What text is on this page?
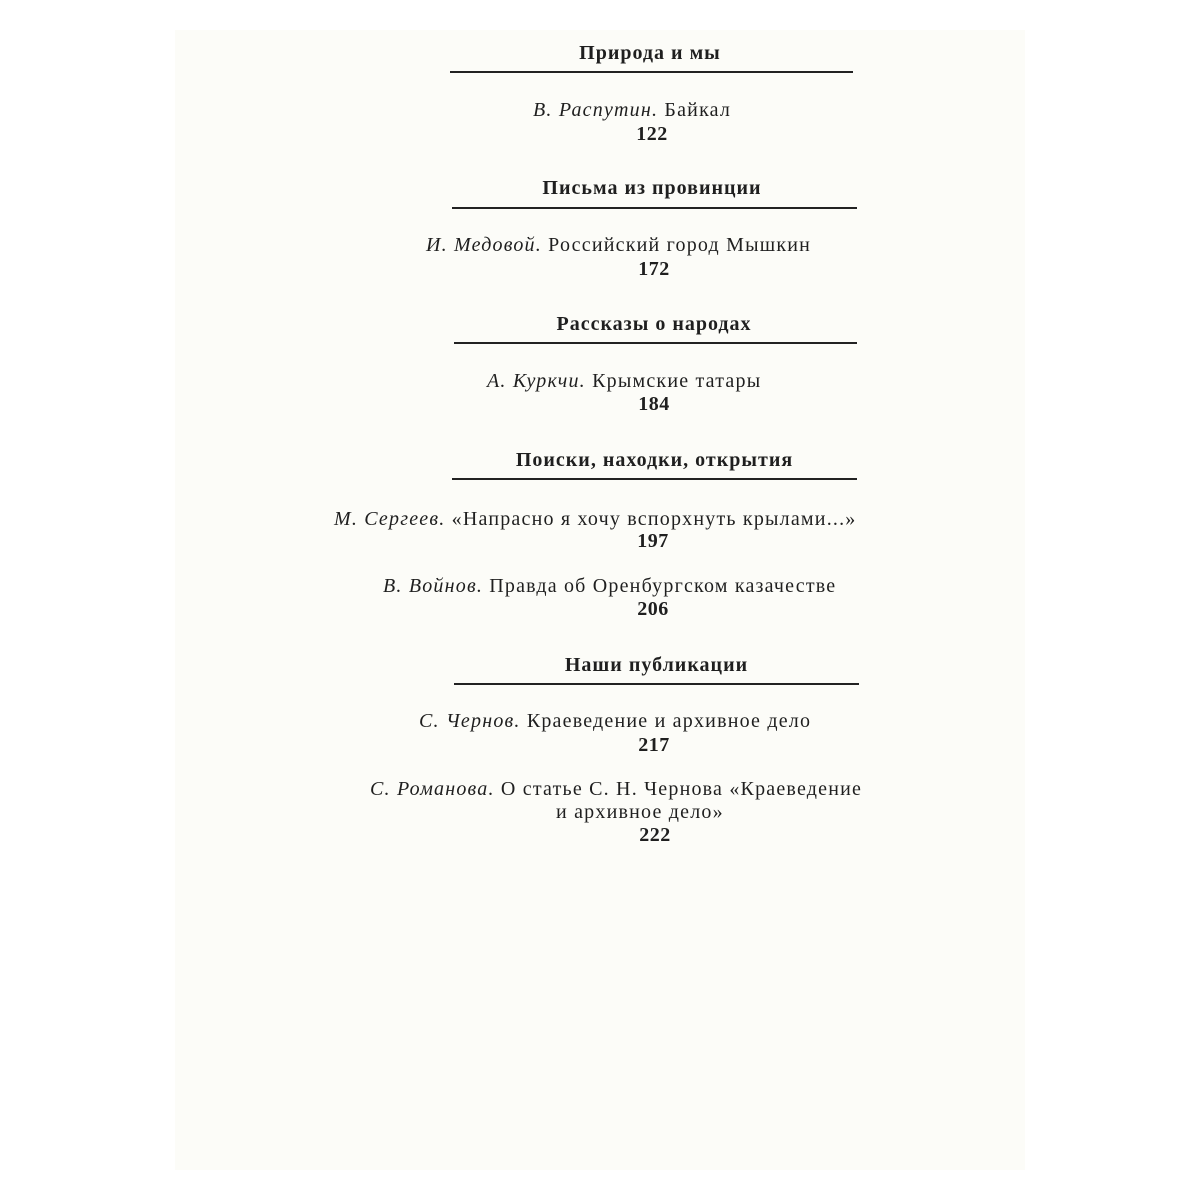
Природа и мы
В. Распутин. Байкал
122
Письма из провинции
И. Медовой. Российский город Мышкин
172
Рассказы о народах
А. Куркчи. Крымские татары
184
Поиски, находки, открытия
М. Сергеев. «Напрасно я хочу вспорхнуть крылами...»
197
В. Войнов. Правда об Оренбургском казачестве
206
Наши публикации
С. Чернов. Краеведение и архивное дело
217
С. Романова. О статье С. Н. Чернова «Краеведение
и архивное дело»
222
